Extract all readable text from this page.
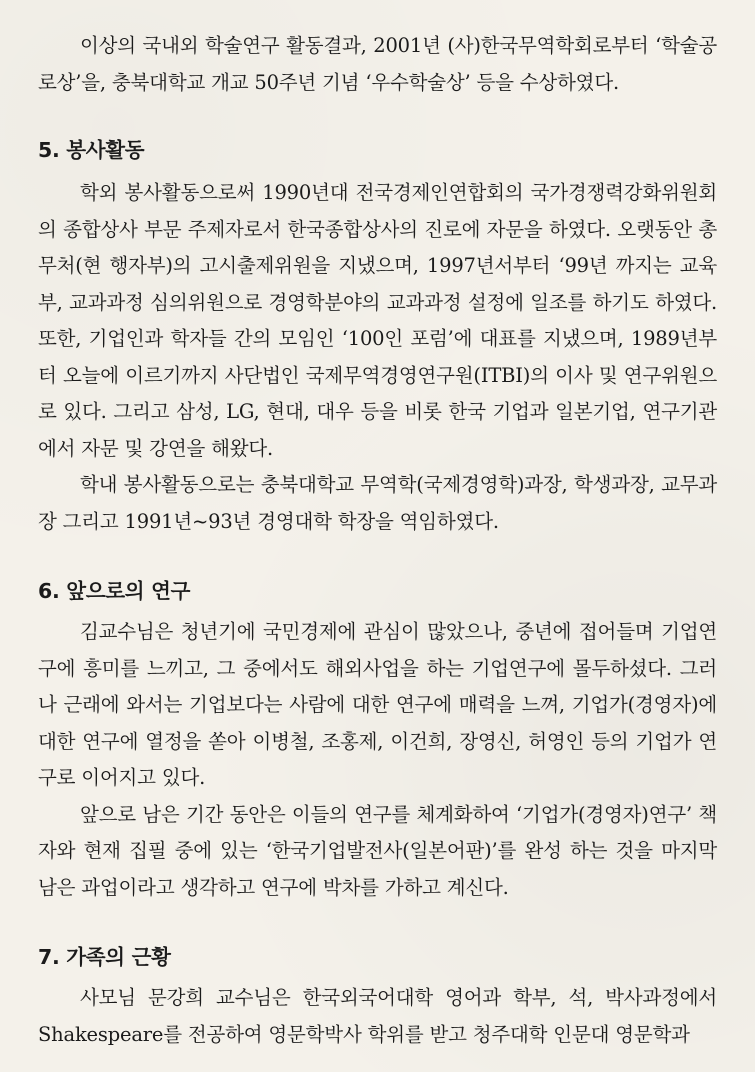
이상의 국내외 학술연구 활동결과, 2001년 (사)한국무역학회로부터 ‘학술공로상’을, 충북대학교 개교 50주년 기념 ‘우수학술상’ 등을 수상하였다.

5. 봉사활동

학외 봉사활동으로써 1990년대 전국경제인연합회의 국가경쟁력강화위원회의 종합상사 부문 주제자로서 한국종합상사의 진로에 자문을 하였다. 오랫동안 총무처(현 행자부)의 고시출제위원을 지냈으며, 1997년서부터 ‘99년 까지는 교육부, 교과과정 심의위원으로 경영학분야의 교과과정 설정에 일조를 하기도 하였다. 또한, 기업인과 학자들 간의 모임인 ‘100인 포럼’에 대표를 지냈으며, 1989년부터 오늘에 이르기까지 사단법인 국제무역경영연구원(ITBI)의 이사 및 연구위원으로 있다. 그리고 삼성, LG, 현대, 대우 등을 비롯 한국 기업과 일본기업, 연구기관에서 자문 및 강연을 해왔다.

학내 봉사활동으로는 충북대학교 무역학(국제경영학)과장, 학생과장, 교무과장 그리고 1991년~93년 경영대학 학장을 역임하였다.

6. 앞으로의 연구

김교수님은 청년기에 국민경제에 관심이 많았으나, 중년에 접어들며 기업연구에 흥미를 느끼고, 그 중에서도 해외사업을 하는 기업연구에 몰두하셨다. 그러나 근래에 와서는 기업보다는 사람에 대한 연구에 매력을 느껴, 기업가(경영자)에 대한 연구에 열정을 쏟아 이병철, 조홍제, 이건희, 장영신, 허영인 등의 기업가 연구로 이어지고 있다.

앞으로 남은 기간 동안은 이들의 연구를 체계화하여 ‘기업가(경영자)연구’ 책자와 현재 집필 중에 있는 ‘한국기업발전사(일본어판)’를 완성 하는 것을 마지막 남은 과업이라고 생각하고 연구에 박차를 가하고 계신다.

7. 가족의 근황

사모님 문강희 교수님은 한국외국어대학 영어과 학부, 석, 박사과정에서 Shakespeare를 전공하여 영문학박사 학위를 받고 청주대학 인문대 영문학과
